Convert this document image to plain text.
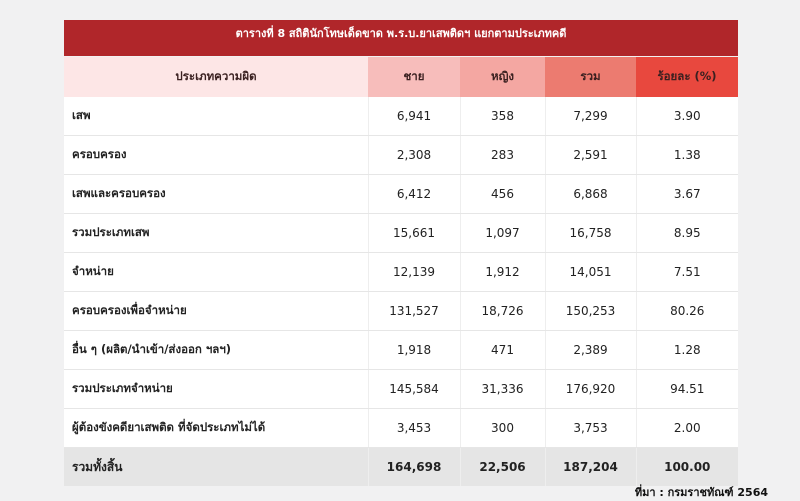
ตารางที่ 8 สถิตินักโทษเด็ดขาด พ.ร.บ.ยาเสพติดฯ แยกตามประเภทคดี
ประเภทความผิด	ชาย	หญิง	รวม	ร้อยละ (%)
เสพ	6,941	358	7,299	3.90
ครอบครอง	2,308	283	2,591	1.38
เสพและครอบครอง	6,412	456	6,868	3.67
รวมประเภทเสพ	15,661	1,097	16,758	8.95
จำหน่าย	12,139	1,912	14,051	7.51
ครอบครองเพื่อจำหน่าย	131,527	18,726	150,253	80.26
อื่น ๆ (ผลิต/นำเข้า/ส่งออก ฯลฯ)	1,918	471	2,389	1.28
รวมประเภทจำหน่าย	145,584	31,336	176,920	94.51
ผู้ต้องขังคดียาเสพติด ที่จัดประเภทไม่ได้	3,453	300	3,753	2.00
รวมทั้งสิ้น	164,698	22,506	187,204	100.00
ที่มา : กรมราชทัณฑ์ 2564
